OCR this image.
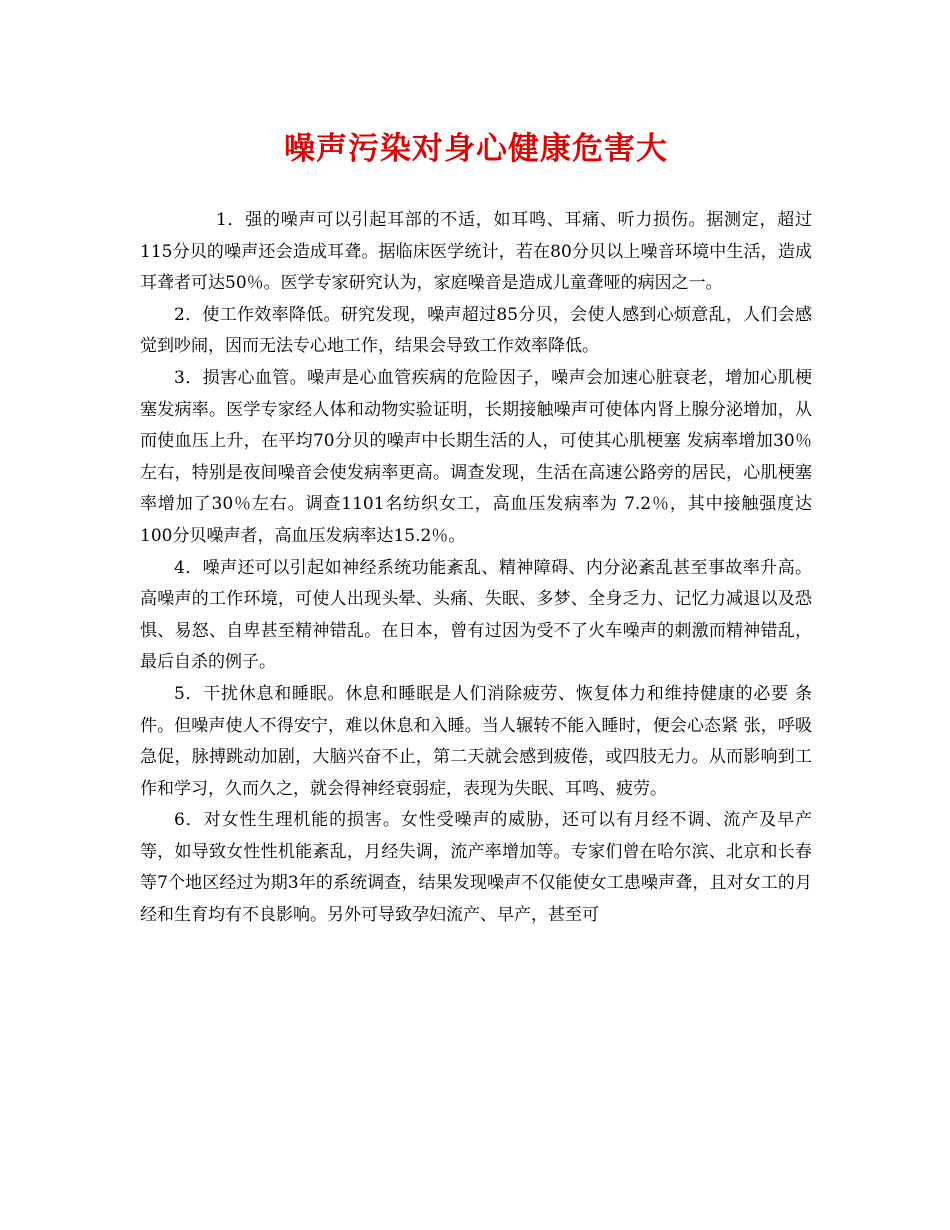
噪声污染对身心健康危害大

1．强的噪声可以引起耳部的不适，如耳鸣、耳痛、听力损伤。据测定，超过 115分贝的噪声还会造成耳聋。据临床医学统计，若在80分贝以上噪音环境中生活，造成耳聋者可达50％。医学专家研究认为，家庭噪音是造成儿童聋哑的病因之一。

2．使工作效率降低。研究发现，噪声超过85分贝，会使人感到心烦意乱，人们会感觉到吵闹，因而无法专心地工作，结果会导致工作效率降低。

3．损害心血管。噪声是心血管疾病的危险因子，噪声会加速心脏衰老，增加心肌梗塞发病率。医学专家经人体和动物实验证明，长期接触噪声可使体内肾上腺分泌增加，从而使血压上升，在平均70分贝的噪声中长期生活的人，可使其心肌梗塞 发病率增加30％左右，特别是夜间噪音会使发病率更高。调查发现，生活在高速公路旁的居民，心肌梗塞率增加了30％左右。调查1101名纺织女工，高血压发病率为 7.2％，其中接触强度达100分贝噪声者，高血压发病率达15.2％。

4．噪声还可以引起如神经系统功能紊乱、精神障碍、内分泌紊乱甚至事故率升高。高噪声的工作环境，可使人出现头晕、头痛、失眠、多梦、全身乏力、记忆力减退以及恐惧、易怒、自卑甚至精神错乱。在日本，曾有过因为受不了火车噪声的刺激而精神错乱，最后自杀的例子。

5．干扰休息和睡眠。休息和睡眠是人们消除疲劳、恢复体力和维持健康的必要 条件。但噪声使人不得安宁，难以休息和入睡。当人辗转不能入睡时，便会心态紧 张，呼吸急促，脉搏跳动加剧，大脑兴奋不止，第二天就会感到疲倦，或四肢无力。从而影响到工作和学习，久而久之，就会得神经衰弱症，表现为失眠、耳鸣、疲劳。

6．对女性生理机能的损害。女性受噪声的威胁，还可以有月经不调、流产及早产等，如导致女性性机能紊乱，月经失调，流产率增加等。专家们曾在哈尔滨、北京和长春等7个地区经过为期3年的系统调查，结果发现噪声不仅能使女工患噪声聋，且对女工的月经和生育均有不良影响。另外可导致孕妇流产、早产，甚至可
